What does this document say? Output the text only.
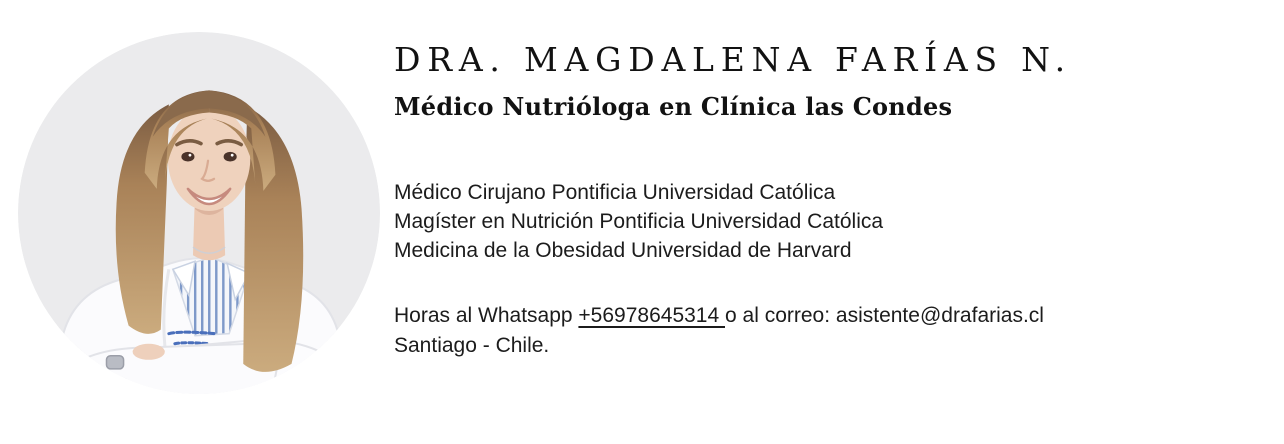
DRA. MAGDALENA FARÍAS N.
Médico Nutrióloga en Clínica las Condes
Médico Cirujano Pontificia Universidad Católica
Magíster en Nutrición Pontificia Universidad Católica
Medicina de la Obesidad Universidad de Harvard

Horas al Whatsapp +56978645314 o al correo: asistente@drafarias.cl

Santiago - Chile.
